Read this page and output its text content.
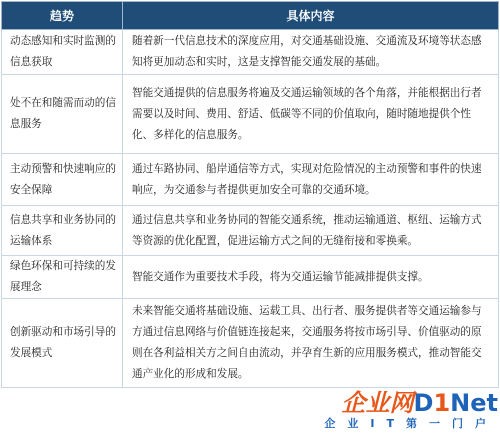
趋势	具体内容
动态感知和实时监测的信息获取	随着新一代信息技术的深度应用，对交通基础设施、交通流及环境等状态感知将更加动态和实时，这是支撑智能交通发展的基础。
处不在和随需而动的信息服务	智能交通提供的信息服务将遍及交通运输领域的各个角落，并能根据出行者需要以及时间、费用、舒适、低碳等不同的价值取向，随时随地提供个性化、多样化的信息服务。
主动预警和快速响应的安全保障	通过车路协同、船岸通信等方式，实现对危险情况的主动预警和事件的快速响应，为交通参与者提供更加安全可靠的交通环境。
信息共享和业务协同的运输体系	通过信息共享和业务协同的智能交通系统，推动运输通道、枢纽、运输方式等资源的优化配置，促进运输方式之间的无缝衔接和零换乘。
绿色环保和可持续的发展理念	智能交通作为重要技术手段，将为交通运输节能减排提供支撑。
创新驱动和市场引导的发展模式	未来智能交通将基础设施、运载工具、出行者、服务提供者等交通运输参与方通过信息网络与价值链连接起来，交通服务将按市场引导、价值驱动的原则在各利益相关方之间自由流动，并孕育生新的应用服务模式，推动智能交通产业化的形成和发展。
企业网D1Net
企业IT第一门户
